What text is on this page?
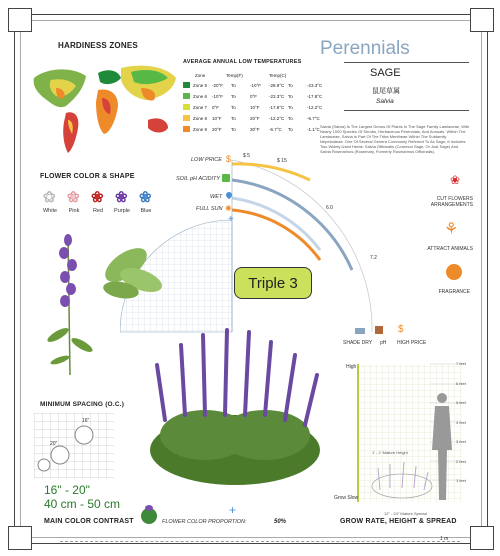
HARDINESS ZONES
AVERAGE ANNUAL LOW TEMPERATURES
Zone	Temp(F)	Temp(C)
Zone 5	-20°F	To	-10°F	-28.9°C To	-23.3°C
Zone 6	-10°F	To	0°F	-23.3°C To	-17.8°C
Zone 7	0°F	To	10°F	-17.8°C To	-12.2°C
Zone 8	10°F	To	20°F	-12.2°C To	-6.7°C
Zone 9	20°F	To	30°F	-6.7°C	To	-1.1°C
Perennials
SAGE
鼠尾草属
Salvia
Salvia (Salvia) Is The Largest Genus Of Plants In The Sage Family Lamiaceae, With Nearly 1000 Species Of Shrubs, Herbaceous Perennials, And Annuals. Within The Lamiaceae, Salvia Is Part Of The Tribe Mentheae Within The Subfamily Nepetoideae. One Of Several Genera Commonly Referred To As Sage, It Includes Two Widely Used Herbs: Salvia Officinalis (Common Sage, Or Just Sage) And Salvia Rosmarinus (Rosemary, Formerly Rosmarinus Officinalis).
FLOWER COLOR & SHAPE
❀
White
❀
Pink
❀
Red
❀
Purple
❀
Blue
LOW PRICE
SOIL pH ACIDITY
WET
FULL SUN
$
✺
$ 5
$ 15
6.0
7.2
+
Triple 3
❀
CUT FLOWERS ARRANGEMENTS
⚘
ATTRACT ANIMALS
FRAGRANCE
$
SHADE DRY pH HIGH PRICE
MINIMUM SPACING (O.C.)
16"
20"
16" - 20"
40 cm - 50 cm
MAIN COLOR CONTRAST	FLOWER COLOR PROPORTION:	50%
+
High
Grow Slow
7 feet
6 feet
5 feet
4 feet
3 feet
2 feet
1 feet
1' - 2' Mature Height
12" - 24" Mature Spread
GROW RATE, HEIGHT & SPREAD
1 m
